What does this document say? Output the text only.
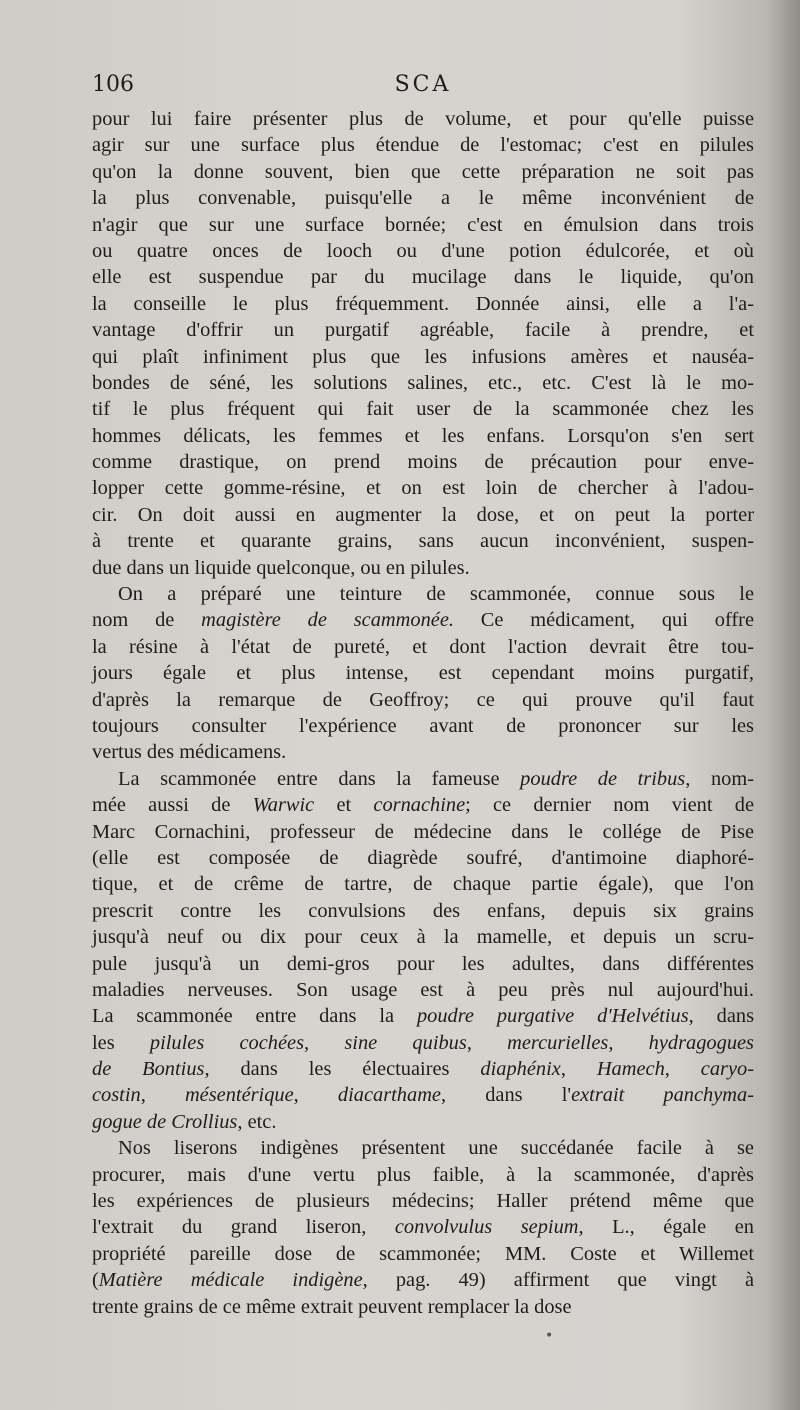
106	SCA
pour lui faire présenter plus de volume, et pour qu'elle puisse
agir sur une surface plus étendue de l'estomac; c'est en pilules
qu'on la donne souvent, bien que cette préparation ne soit pas
la plus convenable, puisqu'elle a le même inconvénient de
n'agir que sur une surface bornée; c'est en émulsion dans trois
ou quatre onces de looch ou d'une potion édulcorée, et où
elle est suspendue par du mucilage dans le liquide, qu'on
la conseille le plus fréquemment. Donnée ainsi, elle a l'a-
vantage d'offrir un purgatif agréable, facile à prendre, et
qui plaît infiniment plus que les infusions amères et nauséa-
bondes de séné, les solutions salines, etc., etc. C'est là le mo-
tif le plus fréquent qui fait user de la scammonée chez les
hommes délicats, les femmes et les enfans. Lorsqu'on s'en sert
comme drastique, on prend moins de précaution pour enve-
lopper cette gomme-résine, et on est loin de chercher à l'adou-
cir. On doit aussi en augmenter la dose, et on peut la porter
à trente et quarante grains, sans aucun inconvénient, suspen-
due dans un liquide quelconque, ou en pilules.
On a préparé une teinture de scammonée, connue sous le
nom de magistère de scammonée. Ce médicament, qui offre
la résine à l'état de pureté, et dont l'action devrait être tou-
jours égale et plus intense, est cependant moins purgatif,
d'après la remarque de Geoffroy; ce qui prouve qu'il faut
toujours consulter l'expérience avant de prononcer sur les
vertus des médicamens.
La scammonée entre dans la fameuse poudre de tribus, nom-
mée aussi de Warwic et cornachine; ce dernier nom vient de
Marc Cornachini, professeur de médecine dans le collége de Pise
(elle est composée de diagrède soufré, d'antimoine diaphoré-
tique, et de crême de tartre, de chaque partie égale), que l'on
prescrit contre les convulsions des enfans, depuis six grains
jusqu'à neuf ou dix pour ceux à la mamelle, et depuis un scru-
pule jusqu'à un demi-gros pour les adultes, dans différentes
maladies nerveuses. Son usage est à peu près nul aujourd'hui.
La scammonée entre dans la poudre purgative d'Helvétius, dans
les pilules cochées, sine quibus, mercurielles, hydragogues
de Bontius, dans les électuaires diaphénix, Hamech, caryo-
costin, mésentérique, diacarthame, dans l'extrait panchyma-
gogue de Crollius, etc.
Nos liserons indigènes présentent une succédanée facile à se
procurer, mais d'une vertu plus faible, à la scammonée, d'après
les expériences de plusieurs médecins; Haller prétend même que
l'extrait du grand liseron, convolvulus sepium, L., égale en
propriété pareille dose de scammonée; MM. Coste et Willemet
(Matière médicale indigène, pag. 49) affirment que vingt à
trente grains de ce même extrait peuvent remplacer la dose
•
